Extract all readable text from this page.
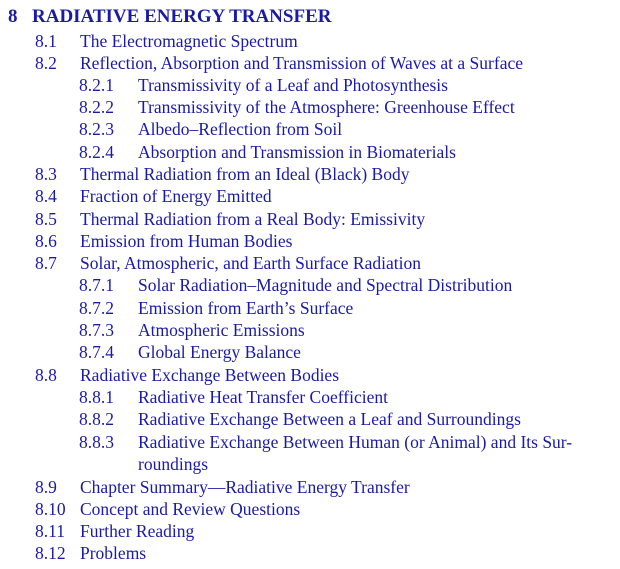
8 RADIATIVE ENERGY TRANSFER
8.1 The Electromagnetic Spectrum
8.2 Reflection, Absorption and Transmission of Waves at a Surface
8.2.1 Transmissivity of a Leaf and Photosynthesis
8.2.2 Transmissivity of the Atmosphere: Greenhouse Effect
8.2.3 Albedo–Reflection from Soil
8.2.4 Absorption and Transmission in Biomaterials
8.3 Thermal Radiation from an Ideal (Black) Body
8.4 Fraction of Energy Emitted
8.5 Thermal Radiation from a Real Body: Emissivity
8.6 Emission from Human Bodies
8.7 Solar, Atmospheric, and Earth Surface Radiation
8.7.1 Solar Radiation–Magnitude and Spectral Distribution
8.7.2 Emission from Earth’s Surface
8.7.3 Atmospheric Emissions
8.7.4 Global Energy Balance
8.8 Radiative Exchange Between Bodies
8.8.1 Radiative Heat Transfer Coefficient
8.8.2 Radiative Exchange Between a Leaf and Surroundings
8.8.3 Radiative Exchange Between Human (or Animal) and Its Sur-roundings
8.9 Chapter Summary—Radiative Energy Transfer
8.10 Concept and Review Questions
8.11 Further Reading
8.12 Problems
